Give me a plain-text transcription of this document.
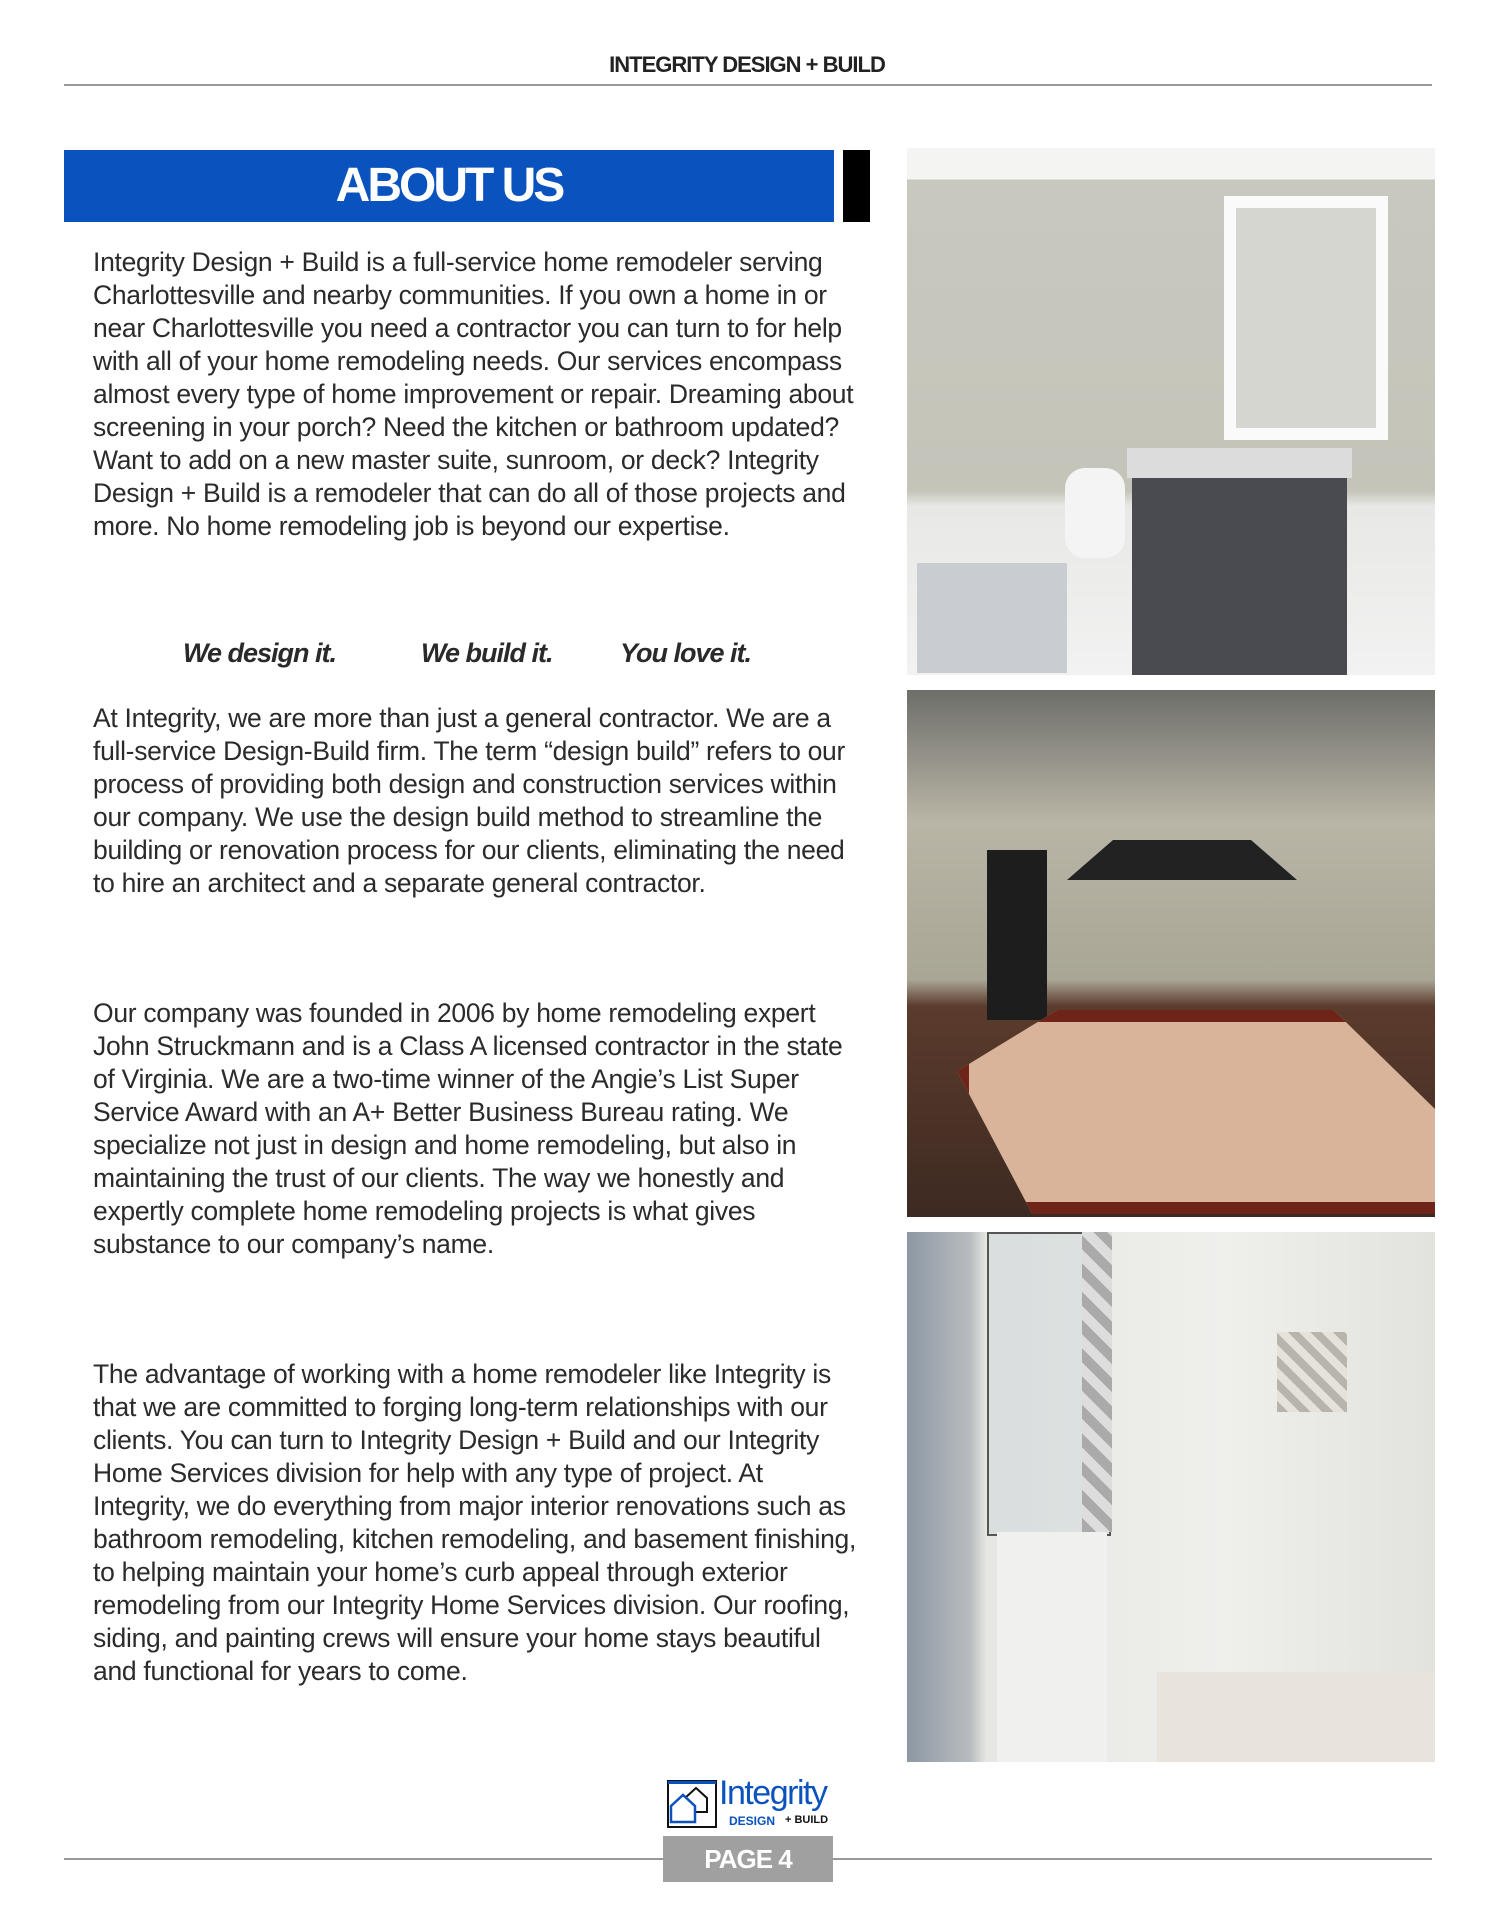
INTEGRITY DESIGN + BUILD
ABOUT US

Integrity Design + Build is a full-service home remodeler serving Charlottesville and nearby communities. If you own a home in or near Charlottesville you need a contractor you can turn to for help with all of your home remodeling needs. Our services encompass almost every type of home improvement or repair. Dreaming about screening in your porch? Need the kitchen or bathroom updated? Want to add on a new master suite, sunroom, or deck? Integrity Design + Build is a remodeler that can do all of those projects and more. No home remodeling job is beyond our expertise.

We design it.	We build it.	You love it.

At Integrity, we are more than just a general contractor. We are a full-service Design-Build firm. The term “design build” refers to our process of providing both design and construction services within our company. We use the design build method to streamline the building or renovation process for our clients, eliminating the need to hire an architect and a separate general contractor.

Our company was founded in 2006 by home remodeling expert John Struckmann and is a Class A licensed contractor in the state of Virginia. We are a two-time winner of the Angie’s List Super Service Award with an A+ Better Business Bureau rating. We specialize not just in design and home remodeling, but also in maintaining the trust of our clients. The way we honestly and expertly complete home remodeling projects is what gives substance to our company’s name.

The advantage of working with a home remodeler like Integrity is that we are committed to forging long-term relationships with our clients. You can turn to Integrity Design + Build and our Integrity Home Services division for help with any type of project. At Integrity, we do everything from major interior renovations such as bathroom remodeling, kitchen remodeling, and basement finishing, to helping maintain your home’s curb appeal through exterior remodeling from our Integrity Home Services division. Our roofing, siding, and painting crews will ensure your home stays beautiful and functional for years to come.

Integrity
DESIGN + BUILD
PAGE 4
